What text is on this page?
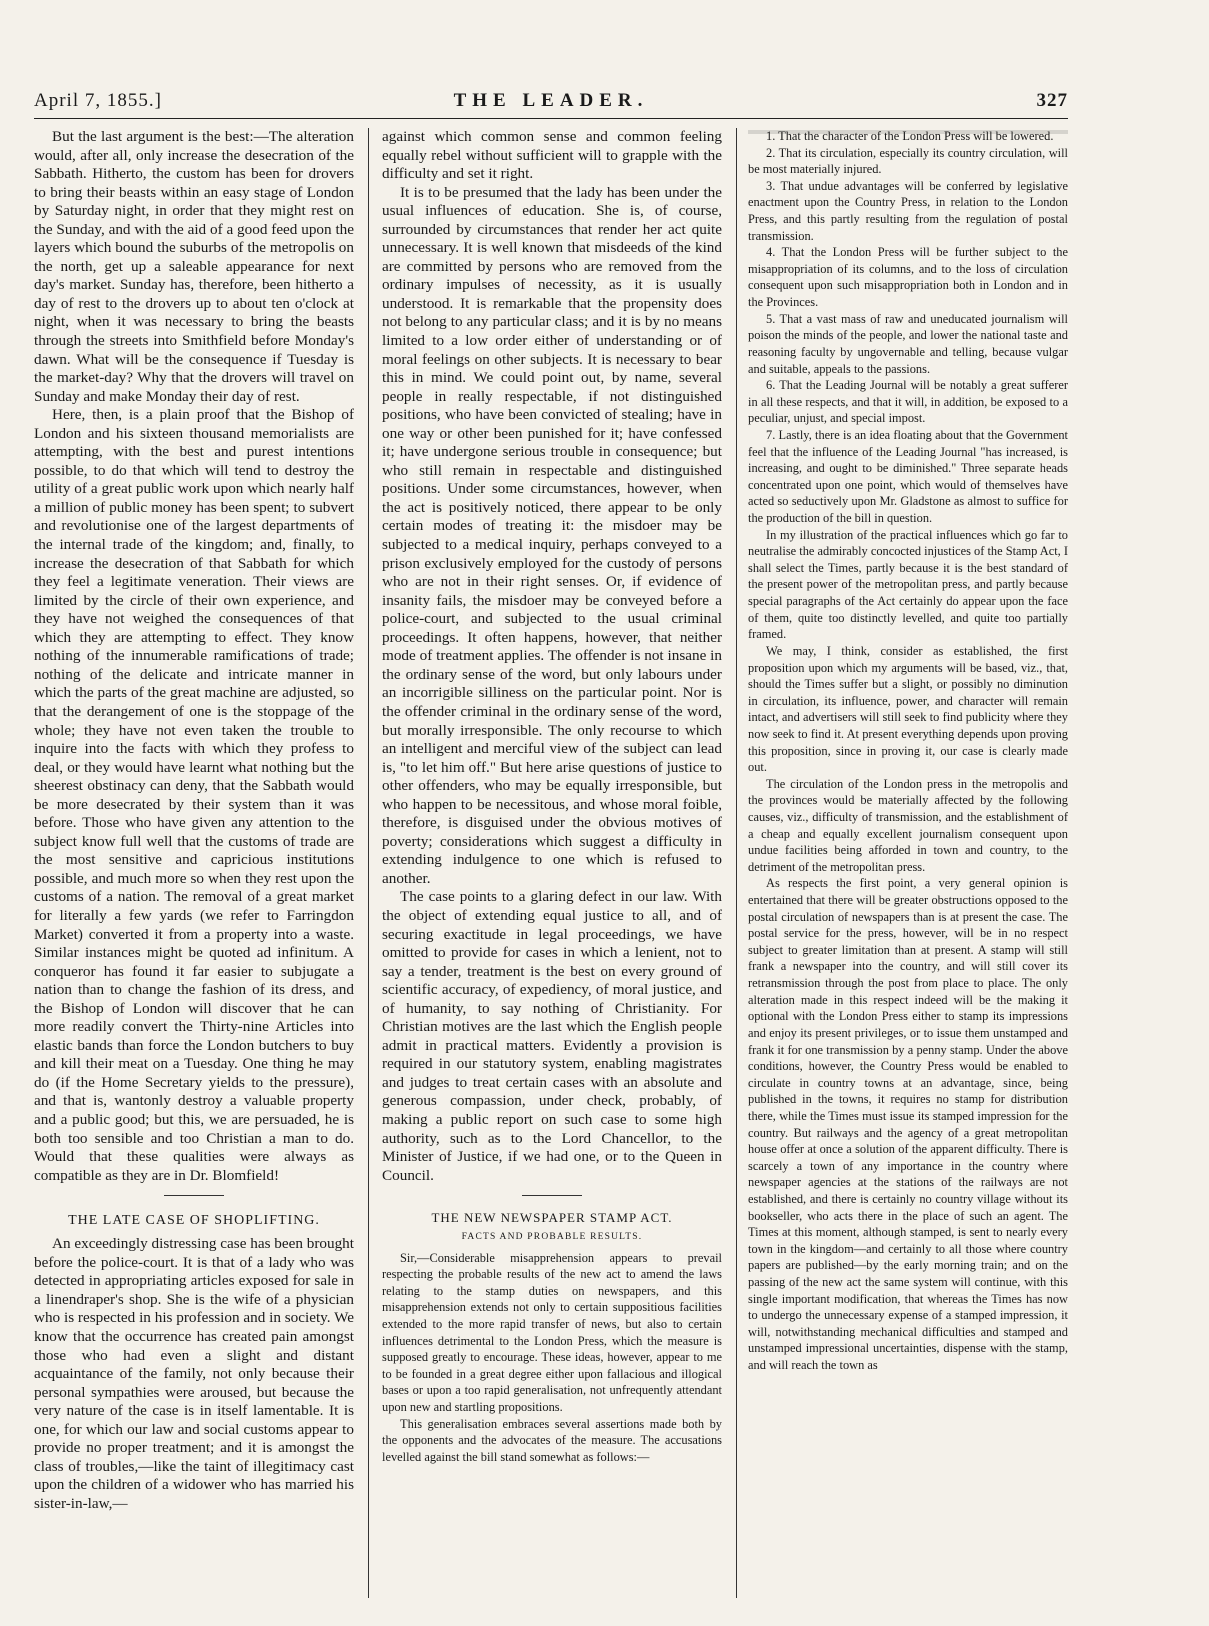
April 7, 1855.]	THE LEADER.	327

But the last argument is the best:—The alteration would, after all, only increase the desecration of the Sabbath. Hitherto, the custom has been for drovers to bring their beasts within an easy stage of London by Saturday night, in order that they might rest on the Sunday, and with the aid of a good feed upon the layers which bound the suburbs of the metropolis on the north, get up a saleable appearance for next day's market. Sunday has, therefore, been hitherto a day of rest to the drovers up to about ten o'clock at night, when it was necessary to bring the beasts through the streets into Smithfield before Monday's dawn. What will be the consequence if Tuesday is the market-day? Why that the drovers will travel on Sunday and make Monday their day of rest.

Here, then, is a plain proof that the Bishop of London and his sixteen thousand memorialists are attempting, with the best and purest intentions possible, to do that which will tend to destroy the utility of a great public work upon which nearly half a million of public money has been spent; to subvert and revolutionise one of the largest departments of the internal trade of the kingdom; and, finally, to increase the desecration of that Sabbath for which they feel a legitimate veneration. Their views are limited by the circle of their own experience, and they have not weighed the consequences of that which they are attempting to effect. They know nothing of the innumerable ramifications of trade; nothing of the delicate and intricate manner in which the parts of the great machine are adjusted, so that the derangement of one is the stoppage of the whole; they have not even taken the trouble to inquire into the facts with which they profess to deal, or they would have learnt what nothing but the sheerest obstinacy can deny, that the Sabbath would be more desecrated by their system than it was before. Those who have given any attention to the subject know full well that the customs of trade are the most sensitive and capricious institutions possible, and much more so when they rest upon the customs of a nation. The removal of a great market for literally a few yards (we refer to Farringdon Market) converted it from a property into a waste. Similar instances might be quoted ad infinitum. A conqueror has found it far easier to subjugate a nation than to change the fashion of its dress, and the Bishop of London will discover that he can more readily convert the Thirty-nine Articles into elastic bands than force the London butchers to buy and kill their meat on a Tuesday. One thing he may do (if the Home Secretary yields to the pressure), and that is, wantonly destroy a valuable property and a public good; but this, we are persuaded, he is both too sensible and too Christian a man to do. Would that these qualities were always as compatible as they are in Dr. Blomfield!

THE LATE CASE OF SHOPLIFTING.

An exceedingly distressing case has been brought before the police-court. It is that of a lady who was detected in appropriating articles exposed for sale in a linendraper's shop. She is the wife of a physician who is respected in his profession and in society. We know that the occurrence has created pain amongst those who had even a slight and distant acquaintance of the family, not only because their personal sympathies were aroused, but because the very nature of the case is in itself lamentable. It is one, for which our law and social customs appear to provide no proper treatment; and it is amongst the class of troubles,—like the taint of illegitimacy cast upon the children of a widower who has married his sister-in-law,—

against which common sense and common feeling equally rebel without sufficient will to grapple with the difficulty and set it right.

It is to be presumed that the lady has been under the usual influences of education. She is, of course, surrounded by circumstances that render her act quite unnecessary. It is well known that misdeeds of the kind are committed by persons who are removed from the ordinary impulses of necessity, as it is usually understood. It is remarkable that the propensity does not belong to any particular class; and it is by no means limited to a low order either of understanding or of moral feelings on other subjects. It is necessary to bear this in mind. We could point out, by name, several people in really respectable, if not distinguished positions, who have been convicted of stealing; have in one way or other been punished for it; have confessed it; have undergone serious trouble in consequence; but who still remain in respectable and distinguished positions. Under some circumstances, however, when the act is positively noticed, there appear to be only certain modes of treating it: the misdoer may be subjected to a medical inquiry, perhaps conveyed to a prison exclusively employed for the custody of persons who are not in their right senses. Or, if evidence of insanity fails, the misdoer may be conveyed before a police-court, and subjected to the usual criminal proceedings. It often happens, however, that neither mode of treatment applies. The offender is not insane in the ordinary sense of the word, but only labours under an incorrigible silliness on the particular point. Nor is the offender criminal in the ordinary sense of the word, but morally irresponsible. The only recourse to which an intelligent and merciful view of the subject can lead is, "to let him off." But here arise questions of justice to other offenders, who may be equally irresponsible, but who happen to be necessitous, and whose moral foible, therefore, is disguised under the obvious motives of poverty; considerations which suggest a difficulty in extending indulgence to one which is refused to another.

The case points to a glaring defect in our law. With the object of extending equal justice to all, and of securing exactitude in legal proceedings, we have omitted to provide for cases in which a lenient, not to say a tender, treatment is the best on every ground of scientific accuracy, of expediency, of moral justice, and of humanity, to say nothing of Christianity. For Christian motives are the last which the English people admit in practical matters. Evidently a provision is required in our statutory system, enabling magistrates and judges to treat certain cases with an absolute and generous compassion, under check, probably, of making a public report on such case to some high authority, such as to the Lord Chancellor, to the Minister of Justice, if we had one, or to the Queen in Council.

THE NEW NEWSPAPER STAMP ACT.
FACTS AND PROBABLE RESULTS.

Sir,—Considerable misapprehension appears to prevail respecting the probable results of the new act to amend the laws relating to the stamp duties on newspapers, and this misapprehension extends not only to certain suppositious facilities extended to the more rapid transfer of news, but also to certain influences detrimental to the London Press, which the measure is supposed greatly to encourage. These ideas, however, appear to me to be founded in a great degree either upon fallacious and illogical bases or upon a too rapid generalisation, not unfrequently attendant upon new and startling propositions.

This generalisation embraces several assertions made both by the opponents and the advocates of the measure. The accusations levelled against the bill stand somewhat as follows:—

1. That the character of the London Press will be lowered.

2. That its circulation, especially its country circulation, will be most materially injured.

3. That undue advantages will be conferred by legislative enactment upon the Country Press, in relation to the London Press, and this partly resulting from the regulation of postal transmission.

4. That the London Press will be further subject to the misappropriation of its columns, and to the loss of circulation consequent upon such misappropriation both in London and in the Provinces.

5. That a vast mass of raw and uneducated journalism will poison the minds of the people, and lower the national taste and reasoning faculty by ungovernable and telling, because vulgar and suitable, appeals to the passions.

6. That the Leading Journal will be notably a great sufferer in all these respects, and that it will, in addition, be exposed to a peculiar, unjust, and special impost.

7. Lastly, there is an idea floating about that the Government feel that the influence of the Leading Journal "has increased, is increasing, and ought to be diminished." Three separate heads concentrated upon one point, which would of themselves have acted so seductively upon Mr. Gladstone as almost to suffice for the production of the bill in question.

In my illustration of the practical influences which go far to neutralise the admirably concocted injustices of the Stamp Act, I shall select the Times, partly because it is the best standard of the present power of the metropolitan press, and partly because special paragraphs of the Act certainly do appear upon the face of them, quite too distinctly levelled, and quite too partially framed.

We may, I think, consider as established, the first proposition upon which my arguments will be based, viz., that, should the Times suffer but a slight, or possibly no diminution in circulation, its influence, power, and character will remain intact, and advertisers will still seek to find publicity where they now seek to find it. At present everything depends upon proving this proposition, since in proving it, our case is clearly made out.

The circulation of the London press in the metropolis and the provinces would be materially affected by the following causes, viz., difficulty of transmission, and the establishment of a cheap and equally excellent journalism consequent upon undue facilities being afforded in town and country, to the detriment of the metropolitan press.

As respects the first point, a very general opinion is entertained that there will be greater obstructions opposed to the postal circulation of newspapers than is at present the case. The postal service for the press, however, will be in no respect subject to greater limitation than at present. A stamp will still frank a newspaper into the country, and will still cover its retransmission through the post from place to place. The only alteration made in this respect indeed will be the making it optional with the London Press either to stamp its impressions and enjoy its present privileges, or to issue them unstamped and frank it for one transmission by a penny stamp. Under the above conditions, however, the Country Press would be enabled to circulate in country towns at an advantage, since, being published in the towns, it requires no stamp for distribution there, while the Times must issue its stamped impression for the country. But railways and the agency of a great metropolitan house offer at once a solution of the apparent difficulty. There is scarcely a town of any importance in the country where newspaper agencies at the stations of the railways are not established, and there is certainly no country village without its bookseller, who acts there in the place of such an agent. The Times at this moment, although stamped, is sent to nearly every town in the kingdom—and certainly to all those where country papers are published—by the early morning train; and on the passing of the new act the same system will continue, with this single important modification, that whereas the Times has now to undergo the unnecessary expense of a stamped impression, it will, notwithstanding mechanical difficulties and stamped and unstamped impressional uncertainties, dispense with the stamp, and will reach the town as
